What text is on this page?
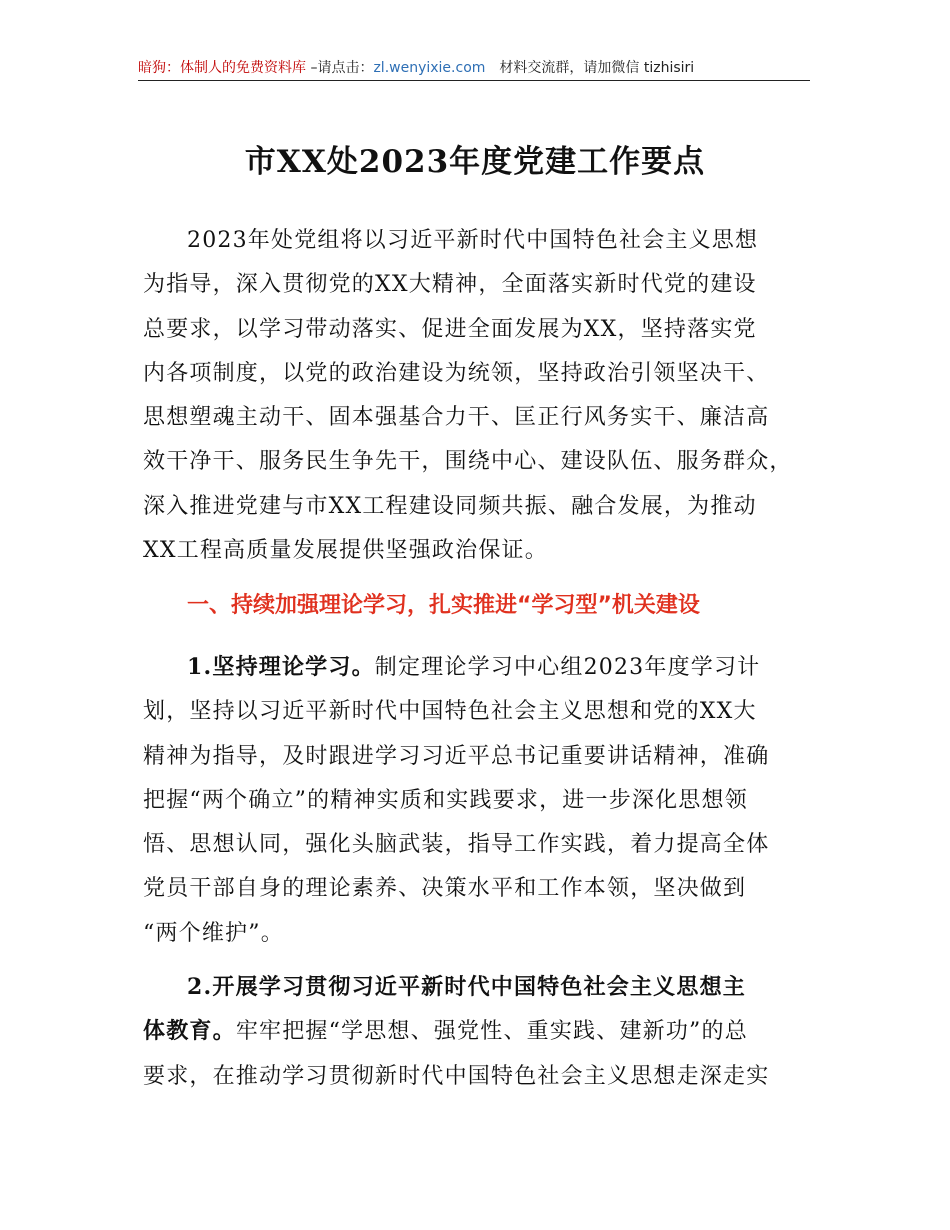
暗狗：体制人的免费资料库 –请点击：zl.wenyixie.com 材料交流群，请加微信 tizhisiri
市XX处2023年度党建工作要点
2023年处党组将以习近平新时代中国特色社会主义思想
为指导，深入贯彻党的XX大精神，全面落实新时代党的建设
总要求，以学习带动落实、促进全面发展为XX，坚持落实党
内各项制度，以党的政治建设为统领，坚持政治引领坚决干、
思想塑魂主动干、固本强基合力干、匡正行风务实干、廉洁高
效干净干、服务民生争先干，围绕中心、建设队伍、服务群众，
深入推进党建与市XX工程建设同频共振、融合发展，为推动
XX工程高质量发展提供坚强政治保证。
一、持续加强理论学习，扎实推进“学习型”机关建设
1.坚持理论学习。制定理论学习中心组2023年度学习计
划，坚持以习近平新时代中国特色社会主义思想和党的XX大
精神为指导，及时跟进学习习近平总书记重要讲话精神，准确
把握“两个确立”的精神实质和实践要求，进一步深化思想领
悟、思想认同，强化头脑武装，指导工作实践，着力提高全体
党员干部自身的理论素养、决策水平和工作本领，坚决做到
“两个维护”。
2.开展学习贯彻习近平新时代中国特色社会主义思想主
体教育。牢牢把握“学思想、强党性、重实践、建新功”的总
要求，在推动学习贯彻新时代中国特色社会主义思想走深走实
